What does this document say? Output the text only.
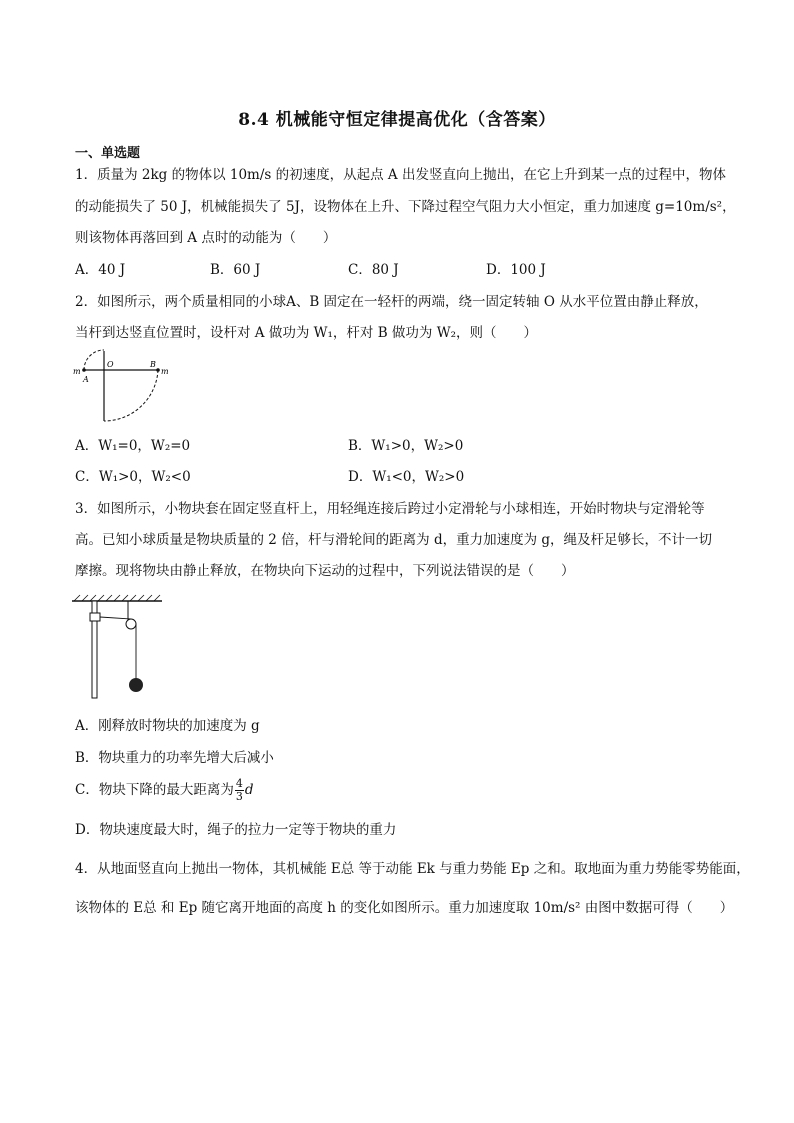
8.4 机械能守恒定律提高优化（含答案）
一、单选题
1．质量为 2kg 的物体以 10m/s 的初速度，从起点 A 出发竖直向上抛出，在它上升到某一点的过程中，物体
的动能损失了 50 J，机械能损失了 5J，设物体在上升、下降过程空气阻力大小恒定，重力加速度 g=10m/s²，
则该物体再落回到 A 点时的动能为（　　）
A．40 J	B．60 J	C．80 J	D．100 J
2．如图所示，两个质量相同的小球A、B 固定在一轻杆的两端，绕一固定转轴 O 从水平位置由静止释放，
当杆到达竖直位置时，设杆对 A 做功为 W₁，杆对 B 做功为 W₂，则（　　）
m
A
O	B
m
A．W₁=0，W₂=0	B．W₁>0，W₂>0
C．W₁>0，W₂<0	D．W₁<0，W₂>0
3．如图所示，小物块套在固定竖直杆上，用轻绳连接后跨过小定滑轮与小球相连，开始时物块与定滑轮等
高。已知小球质量是物块质量的 2 倍，杆与滑轮间的距离为 d，重力加速度为 g，绳及杆足够长，不计一切
摩擦。现将物块由静止释放，在物块向下运动的过程中，下列说法错误的是（　　）
A．刚释放时物块的加速度为 g
B．物块重力的功率先增大后减小
C．物块下降的最大距离为 $\frac{4}{3}$ d
D．物块速度最大时，绳子的拉力一定等于物块的重力
4．从地面竖直向上抛出一物体，其机械能 E总 等于动能 Ek 与重力势能 Ep 之和。取地面为重力势能零势能面，
该物体的 E总 和 Ep 随它离开地面的高度 h 的变化如图所示。重力加速度取 10m/s² 由图中数据可得（　　）
